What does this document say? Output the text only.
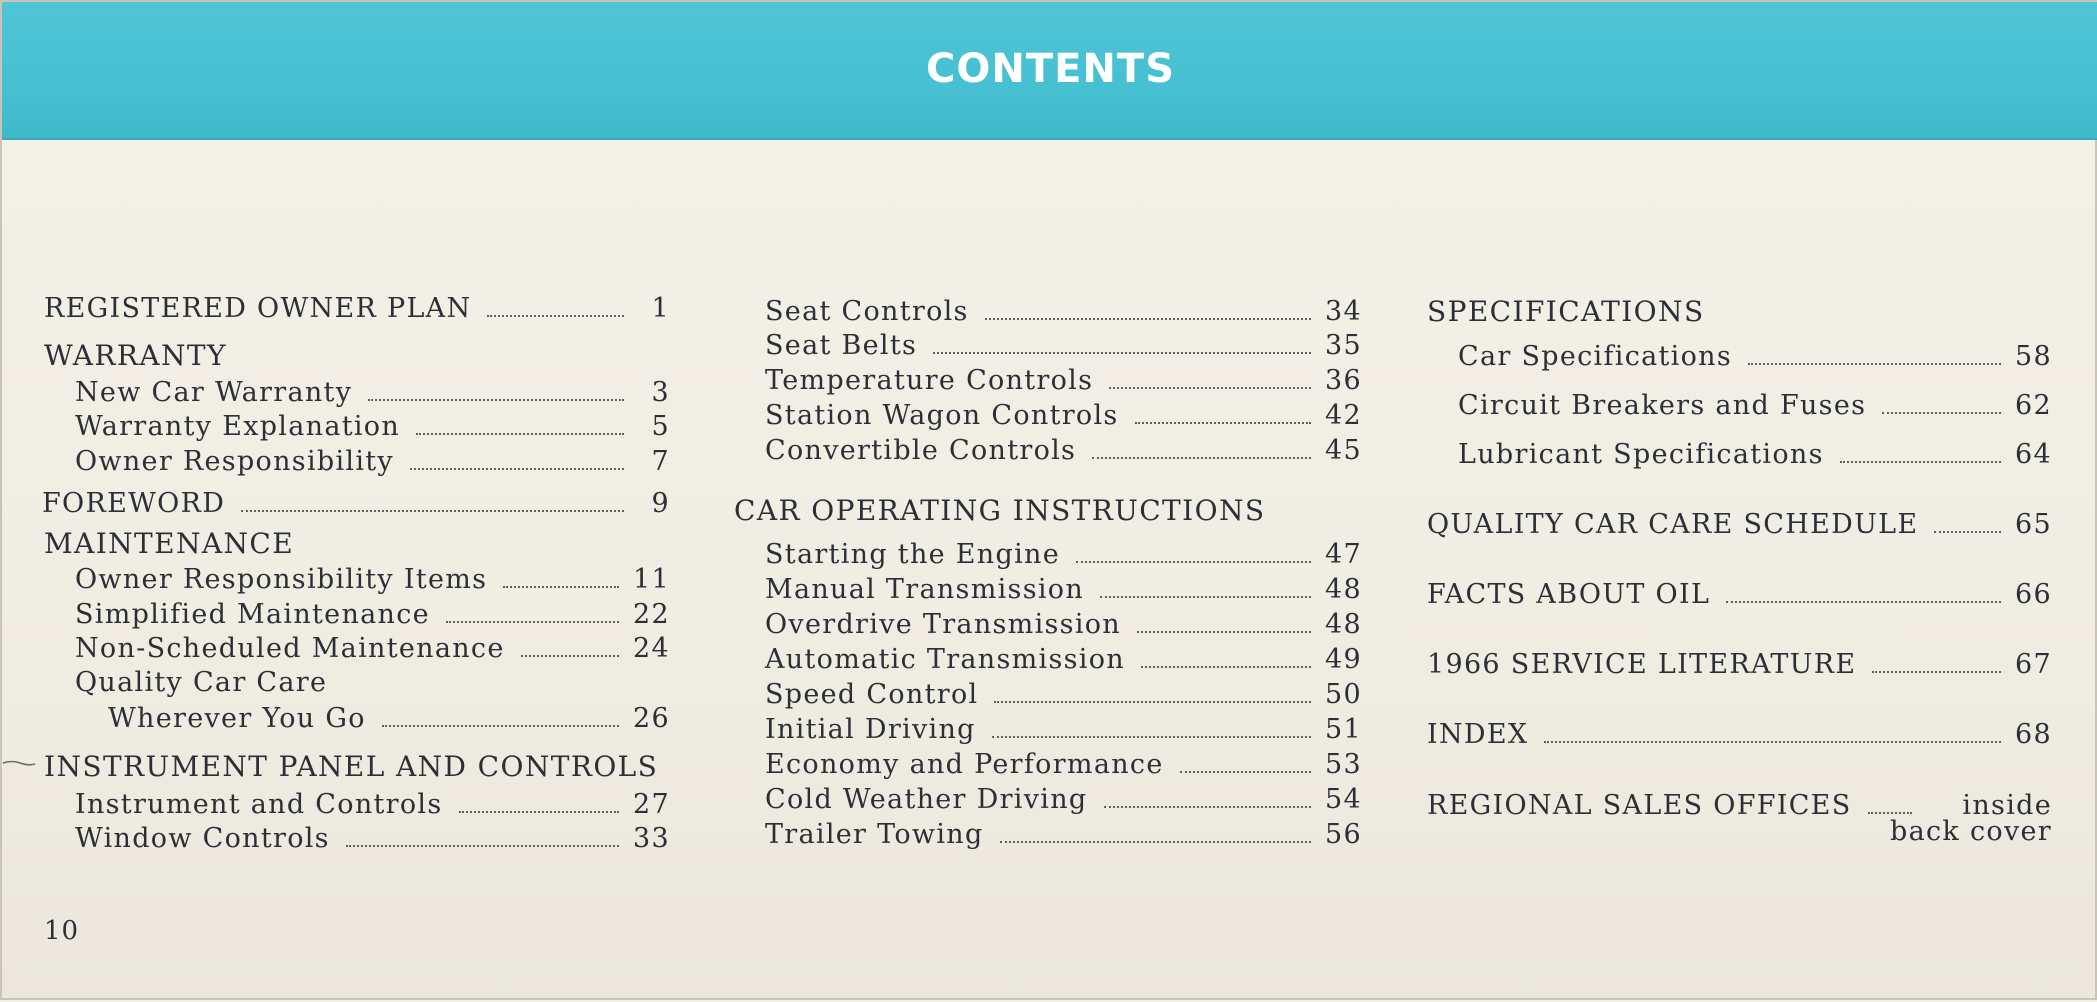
CONTENTS
REGISTERED OWNER PLAN	1
WARRANTY
New Car Warranty	3
Warranty Explanation	5
Owner Responsibility	7
FOREWORD	9
MAINTENANCE
Owner Responsibility Items	11
Simplified Maintenance	22
Non-Scheduled Maintenance	24
Quality Car Care
Wherever You Go	26
INSTRUMENT PANEL AND CONTROLS
Instrument and Controls	27
Window Controls	33
Seat Controls	34
Seat Belts	35
Temperature Controls	36
Station Wagon Controls	42
Convertible Controls	45
CAR OPERATING INSTRUCTIONS
Starting the Engine	47
Manual Transmission	48
Overdrive Transmission	48
Automatic Transmission	49
Speed Control	50
Initial Driving	51
Economy and Performance	53
Cold Weather Driving	54
Trailer Towing	56
SPECIFICATIONS
Car Specifications	58
Circuit Breakers and Fuses	62
Lubricant Specifications	64
QUALITY CAR CARE SCHEDULE	65
FACTS ABOUT OIL	66
1966 SERVICE LITERATURE	67
INDEX	68
REGIONAL SALES OFFICES	inside
back cover
10
